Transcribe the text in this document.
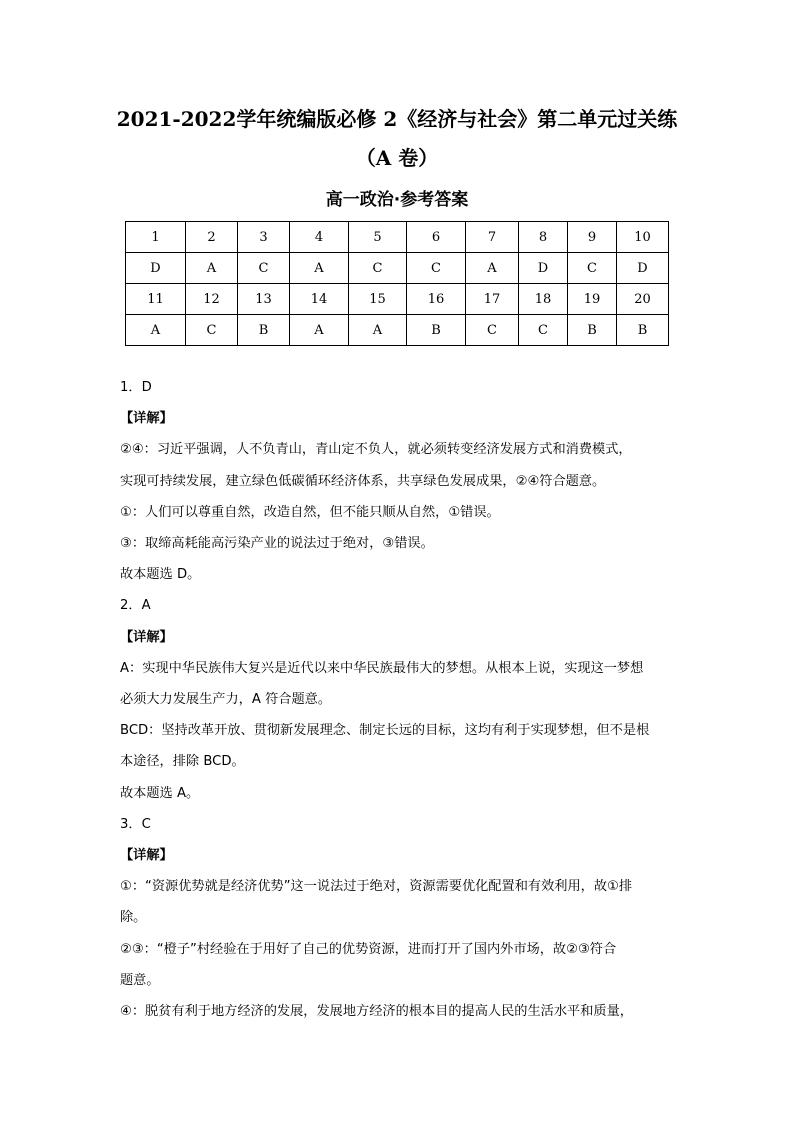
2021-2022学年统编版必修 2《经济与社会》第二单元过关练
（A 卷）
高一政治·参考答案
1	2	3	4	5	6	7	8	9	10
D	A	C	A	C	C	A	D	C	D
11	12	13	14	15	16	17	18	19	20
A	C	B	A	A	B	C	C	B	B

1．D

【详解】

②④：习近平强调，人不负青山，青山定不负人，就必须转变经济发展方式和消费模式，

实现可持续发展，建立绿色低碳循环经济体系，共享绿色发展成果，②④符合题意。

①：人们可以尊重自然，改造自然，但不能只顺从自然，①错误。

③：取缔高耗能高污染产业的说法过于绝对，③错误。

故本题选 D。

2．A

【详解】

A：实现中华民族伟大复兴是近代以来中华民族最伟大的梦想。从根本上说，实现这一梦想

必须大力发展生产力，A 符合题意。

BCD：坚持改革开放、贯彻新发展理念、制定长远的目标，这均有利于实现梦想，但不是根

本途径，排除 BCD。

故本题选 A。

3．C

【详解】

①：“资源优势就是经济优势”这一说法过于绝对，资源需要优化配置和有效利用，故①排

除。

②③：“橙子”村经验在于用好了自己的优势资源，进而打开了国内外市场，故②③符合

题意。

④：脱贫有利于地方经济的发展，发展地方经济的根本目的提高人民的生活水平和质量，
